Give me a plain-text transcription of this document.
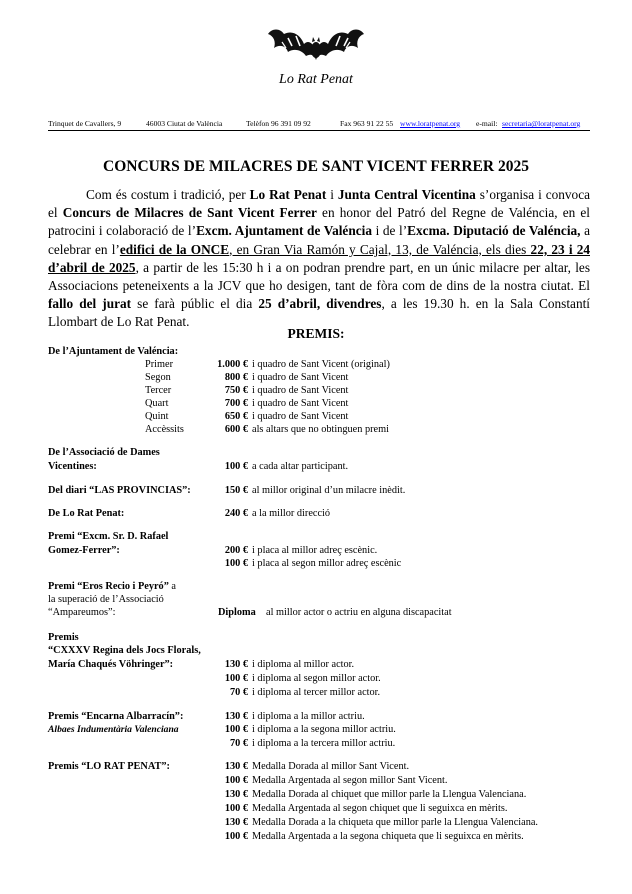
Lo Rat Penat
Trinquet de Cavallers, 9	46003 Ciutat de València	Telèfon 96 391 09 92	Fax 963 91 22 55 www.loratpenat.org e-mail: secretaria@loratpenat.org
CONCURS DE MILACRES DE SANT VICENT FERRER 2025
Com és costum i tradició, per Lo Rat Penat i Junta Central Vicentina s’organisa i convoca el Concurs de Milacres de Sant Vicent Ferrer en honor del Patró del Regne de Valéncia, en el patrocini i colaboració de l’Excm. Ajuntament de Valéncia i de l’Excma. Diputació de Valéncia, a celebrar en l’edifici de la ONCE, en Gran Via Ramón y Cajal, 13, de Valéncia, els dies 22, 23 i 24 d’abril de 2025, a partir de les 15:30 h i a on podran prendre part, en un únic milacre per altar, les Associacions peteneixents a la JCV que ho desigen, tant de fòra com de dins de la nostra ciutat. El fallo del jurat se farà públic el dia 25 d’abril, divendres, a les 19.30 h. en la Sala Constantí Llombart de Lo Rat Penat.
PREMIS:
De l’Ajuntament de Valéncia:
Primer	1.000 € i quadro de Sant Vicent (original)
Segon	800 € i quadro de Sant Vicent
Tercer	750 € i quadro de Sant Vicent
Quart	700 € i quadro de Sant Vicent
Quint	650 € i quadro de Sant Vicent
Accèssits	600 € als altars que no obtinguen premi
De l’Associació de Dames
Vicentines:	100 € a cada altar participant.
Del diari “LAS PROVINCIAS”:	150 € al millor original d’un milacre inèdit.
De Lo Rat Penat:	240 € a la millor direcció
Premi “Excm. Sr. D. Rafael
Gomez-Ferrer”:	200 € i placa al millor adreç escènic.
100 € i placa al segon millor adreç escènic
Premi “Eros Recio i Peyró” a
la superació de l’Associació
“Ampareumos”:	Diploma al millor actor o actriu en alguna discapacitat
Premis
“CXXXV Regina dels Jocs Florals,
María Chaqués Vöhringer”:	130 € i diploma al millor actor.
100 € i diploma al segon millor actor.
70 € i diploma al tercer millor actor.
Premis “Encarna Albarracín”:
Albaes Indumentària Valenciana
130 € i diploma a la millor actriu.
100 € i diploma a la segona millor actriu.
70 € i diploma a la tercera millor actriu.
Premis “LO RAT PENAT”:	130 € Medalla Dorada al millor Sant Vicent.
100 € Medalla Argentada al segon millor Sant Vicent.
130 € Medalla Dorada al chiquet que millor parle la Llengua Valenciana.
100 € Medalla Argentada al segon chiquet que li seguixca en mèrits.
130 € Medalla Dorada a la chiqueta que millor parle la Llengua Valenciana.
100 € Medalla Argentada a la segona chiqueta que li seguixca en mèrits.
